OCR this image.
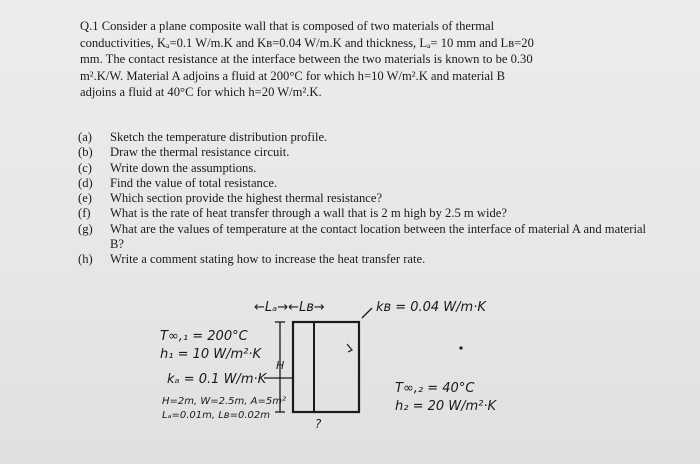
Q.1 Consider a plane composite wall that is composed of two materials of thermal
conductivities, Kₐ=0.1 W/m.K and Kʙ=0.04 W/m.K and thickness, Lₐ= 10 mm and Lʙ=20
mm. The contact resistance at the interface between the two materials is known to be 0.30
m².K/W. Material A adjoins a fluid at 200°C for which h=10 W/m².K and material B
adjoins a fluid at 40°C for which h=20 W/m².K.
(a)	Sketch the temperature distribution profile.
(b)	Draw the thermal resistance circuit.
(c)	Write down the assumptions.
(d)	Find the value of total resistance.
(e)	Which section provide the highest thermal resistance?
(f)	What is the rate of heat transfer through a wall that is 2 m high by 2.5 m wide?
(g)	What are the values of temperature at the contact location between the interface of material A and material B?
(h)	Write a comment stating how to increase the heat transfer rate.
←Lₐ→←Lʙ→	kʙ = 0.04 W/m·K
H
T∞,₁ = 200°C
h₁ = 10 W/m²·K
kₐ = 0.1 W/m·K
H=2m, W=2.5m, A=5m²
Lₐ=0.01m, Lʙ=0.02m
T∞,₂ = 40°C
h₂ = 20 W/m²·K
?
